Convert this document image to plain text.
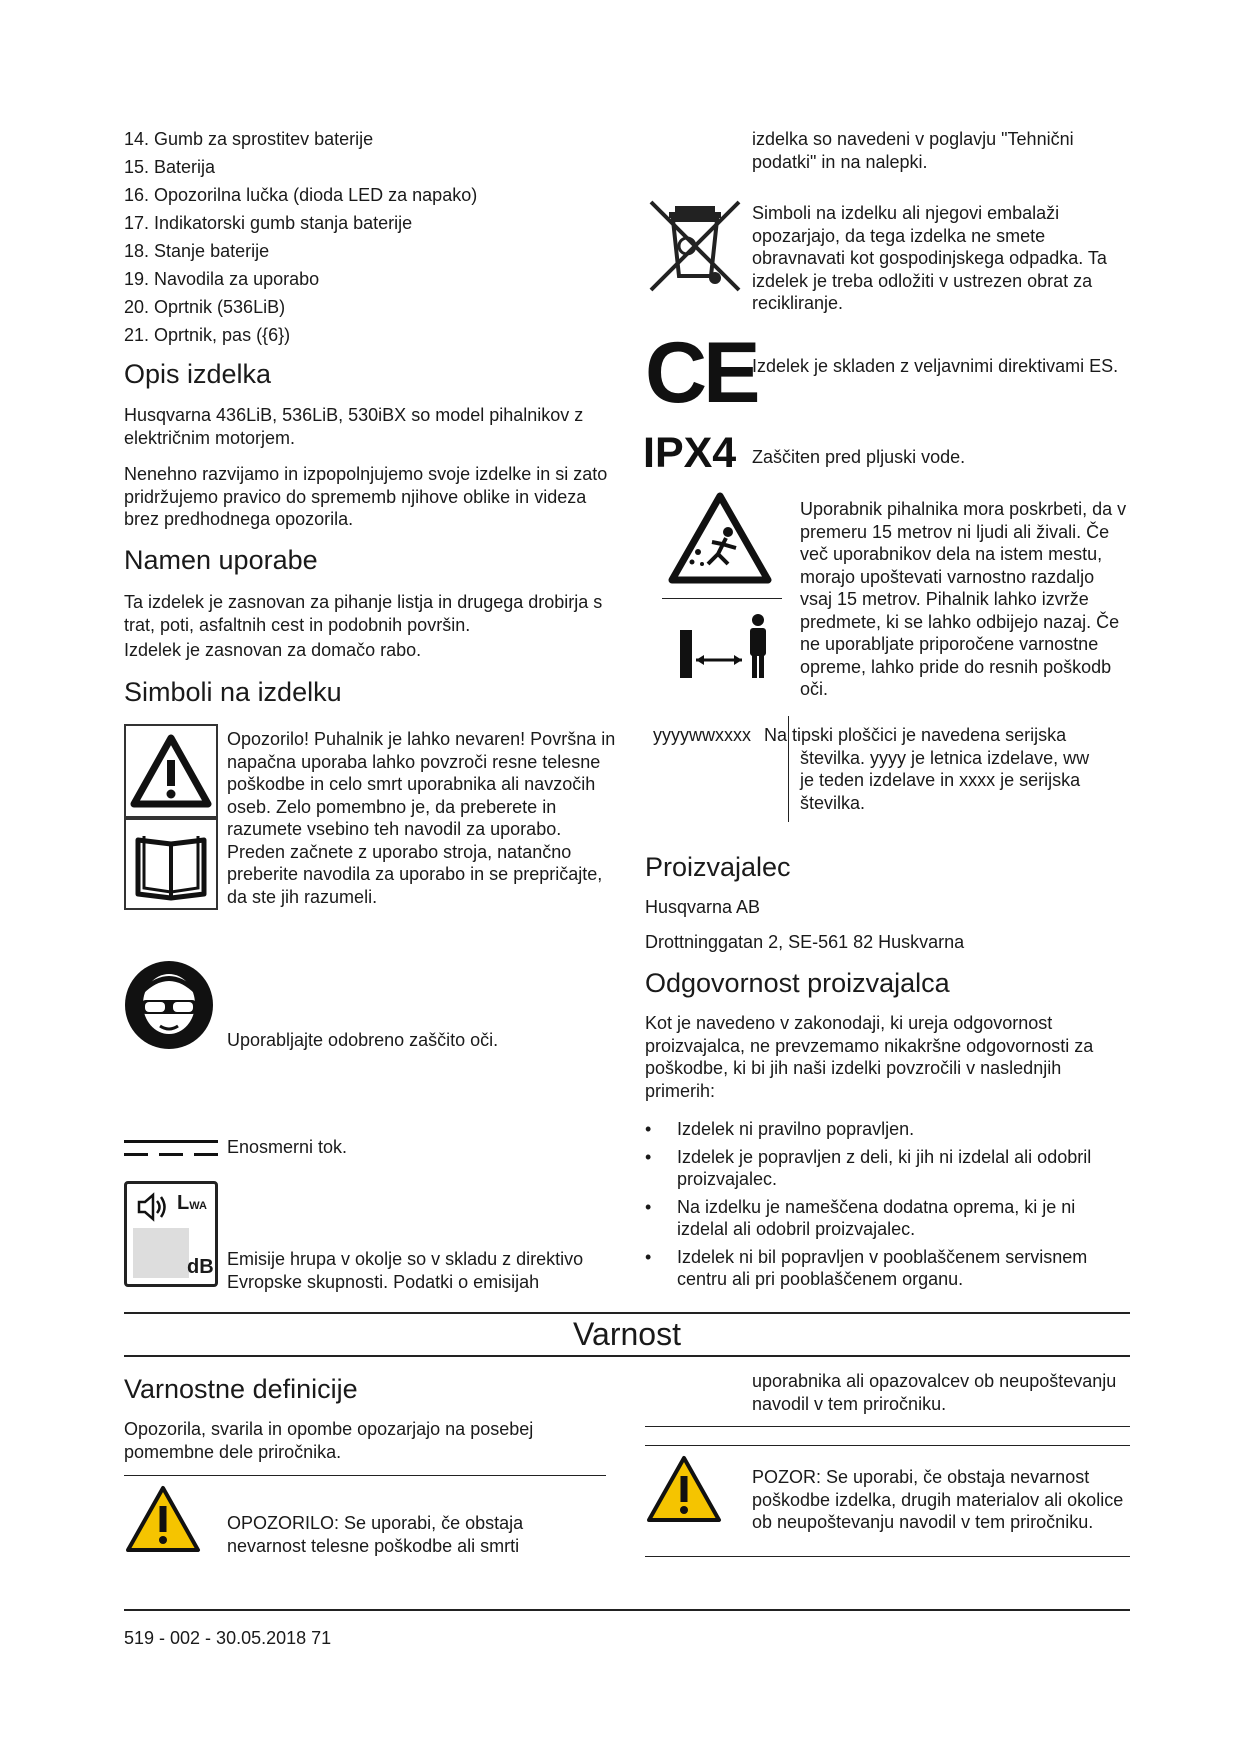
14. Gumb za sprostitev baterije
15. Baterija
16. Opozorilna lučka (dioda LED za napako)
17. Indikatorski gumb stanja baterije
18. Stanje baterije
19. Navodila za uporabo
20. Oprtnik (536LiB)
21. Oprtnik, pas ({6})
Opis izdelka

Husqvarna 436LiB, 536LiB, 530iBX so model pihalnikov z električnim motorjem.

Nenehno razvijamo in izpopolnjujemo svoje izdelke in si zato pridržujemo pravico do sprememb njihove oblike in videza brez predhodnega opozorila.

Namen uporabe

Ta izdelek je zasnovan za pihanje listja in drugega drobirja s trat, poti, asfaltnih cest in podobnih površin.

Izdelek je zasnovan za domačo rabo.

Simboli na izdelku

Opozorilo! Puhalnik je lahko nevaren! Površna in napačna uporaba lahko povzroči resne telesne poškodbe in celo smrt uporabnika ali navzočih oseb. Zelo pomembno je, da preberete in razumete vsebino teh navodil za uporabo. Preden začnete z uporabo stroja, natančno preberite navodila za uporabo in se prepričajte, da ste jih razumeli.

Uporabljajte odobreno zaščito oči.

Enosmerni tok.

LWA
dB Emisije hrupa v okolje so v skladu z direktivo Evropske skupnosti. Podatki o emisijah

izdelka so navedeni v poglavju "Tehnični podatki" in na nalepki.

Simboli na izdelku ali njegovi embalaži opozarjajo, da tega izdelka ne smete obravnavati kot gospodinjskega odpadka. Ta izdelek je treba odložiti v ustrezen obrat za recikliranje.

CE

Izdelek je skladen z veljavnimi direktivami ES.

IPX4 Zaščiten pred pljuski vode.

Uporabnik pihalnika mora poskrbeti, da v premeru 15 metrov ni ljudi ali živali. Če več uporabnikov dela na istem mestu, morajo upoštevati varnostno razdaljo vsaj 15 metrov. Pihalnik lahko izvrže predmete, ki se lahko odbijejo nazaj. Če ne uporabljate priporočene varnostne opreme, lahko pride do resnih poškodb oči.

yyyywwxxxx Na tipski ploščici je navedena serijska
številka. yyyy je letnica izdelave, ww
je teden izdelave in xxxx je serijska
številka.
Proizvajalec

Husqvarna AB

Drottninggatan 2, SE-561 82 Huskvarna

Odgovornost proizvajalca

Kot je navedeno v zakonodaji, ki ureja odgovornost proizvajalca, ne prevzemamo nikakršne odgovornosti za poškodbe, ki bi jih naši izdelki povzročili v naslednjih primerih:

• Izdelek ni pravilno popravljen.
• Izdelek je popravljen z deli, ki jih ni izdelal ali odobril proizvajalec.
• Na izdelku je nameščena dodatna oprema, ki je ni izdelal ali odobril proizvajalec.
• Izdelek ni bil popravljen v pooblaščenem servisnem centru ali pri pooblaščenem organu.
Varnost
Varnostne definicije

Opozorila, svarila in opombe opozarjajo na posebej pomembne dele priročnika.

OPOZORILO: Se uporabi, če obstaja nevarnost telesne poškodbe ali smrti

uporabnika ali opazovalcev ob neupoštevanju navodil v tem priročniku.

POZOR: Se uporabi, če obstaja nevarnost poškodbe izdelka, drugih materialov ali okolice ob neupoštevanju navodil v tem priročniku.

519 - 002 - 30.05.2018 71
